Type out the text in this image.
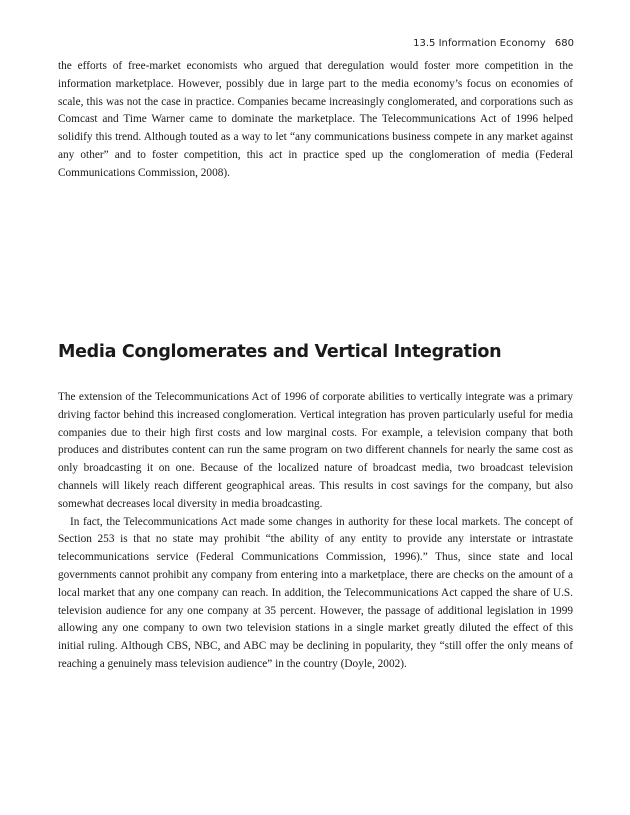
13.5 Information Economy 680

the efforts of free-market economists who argued that deregulation would foster more competition in the information marketplace. However, possibly due in large part to the media economy’s focus on economies of scale, this was not the case in practice. Companies became increasingly conglomerated, and corporations such as Comcast and Time Warner came to dominate the marketplace. The Telecommunications Act of 1996 helped solidify this trend. Although touted as a way to let “any communications business compete in any market against any other” and to foster competition, this act in practice sped up the conglomeration of media (Federal Communications Commission, 2008).

Media Conglomerates and Vertical Integration

The extension of the Telecommunications Act of 1996 of corporate abilities to vertically integrate was a primary driving factor behind this increased conglomeration. Vertical integration has proven particularly useful for media companies due to their high first costs and low marginal costs. For example, a television company that both produces and distributes content can run the same program on two different channels for nearly the same cost as only broadcasting it on one. Because of the localized nature of broadcast media, two broadcast television channels will likely reach different geographical areas. This results in cost savings for the company, but also somewhat decreases local diversity in media broadcasting.

In fact, the Telecommunications Act made some changes in authority for these local markets. The concept of Section 253 is that no state may prohibit “the ability of any entity to provide any interstate or intrastate telecommunications service (Federal Communications Commission, 1996).” Thus, since state and local governments cannot prohibit any company from entering into a marketplace, there are checks on the amount of a local market that any one company can reach. In addition, the Telecommunications Act capped the share of U.S. television audience for any one company at 35 percent. However, the passage of additional legislation in 1999 allowing any one company to own two television stations in a single market greatly diluted the effect of this initial ruling. Although CBS, NBC, and ABC may be declining in popularity, they “still offer the only means of reaching a genuinely mass television audience” in the country (Doyle, 2002).
